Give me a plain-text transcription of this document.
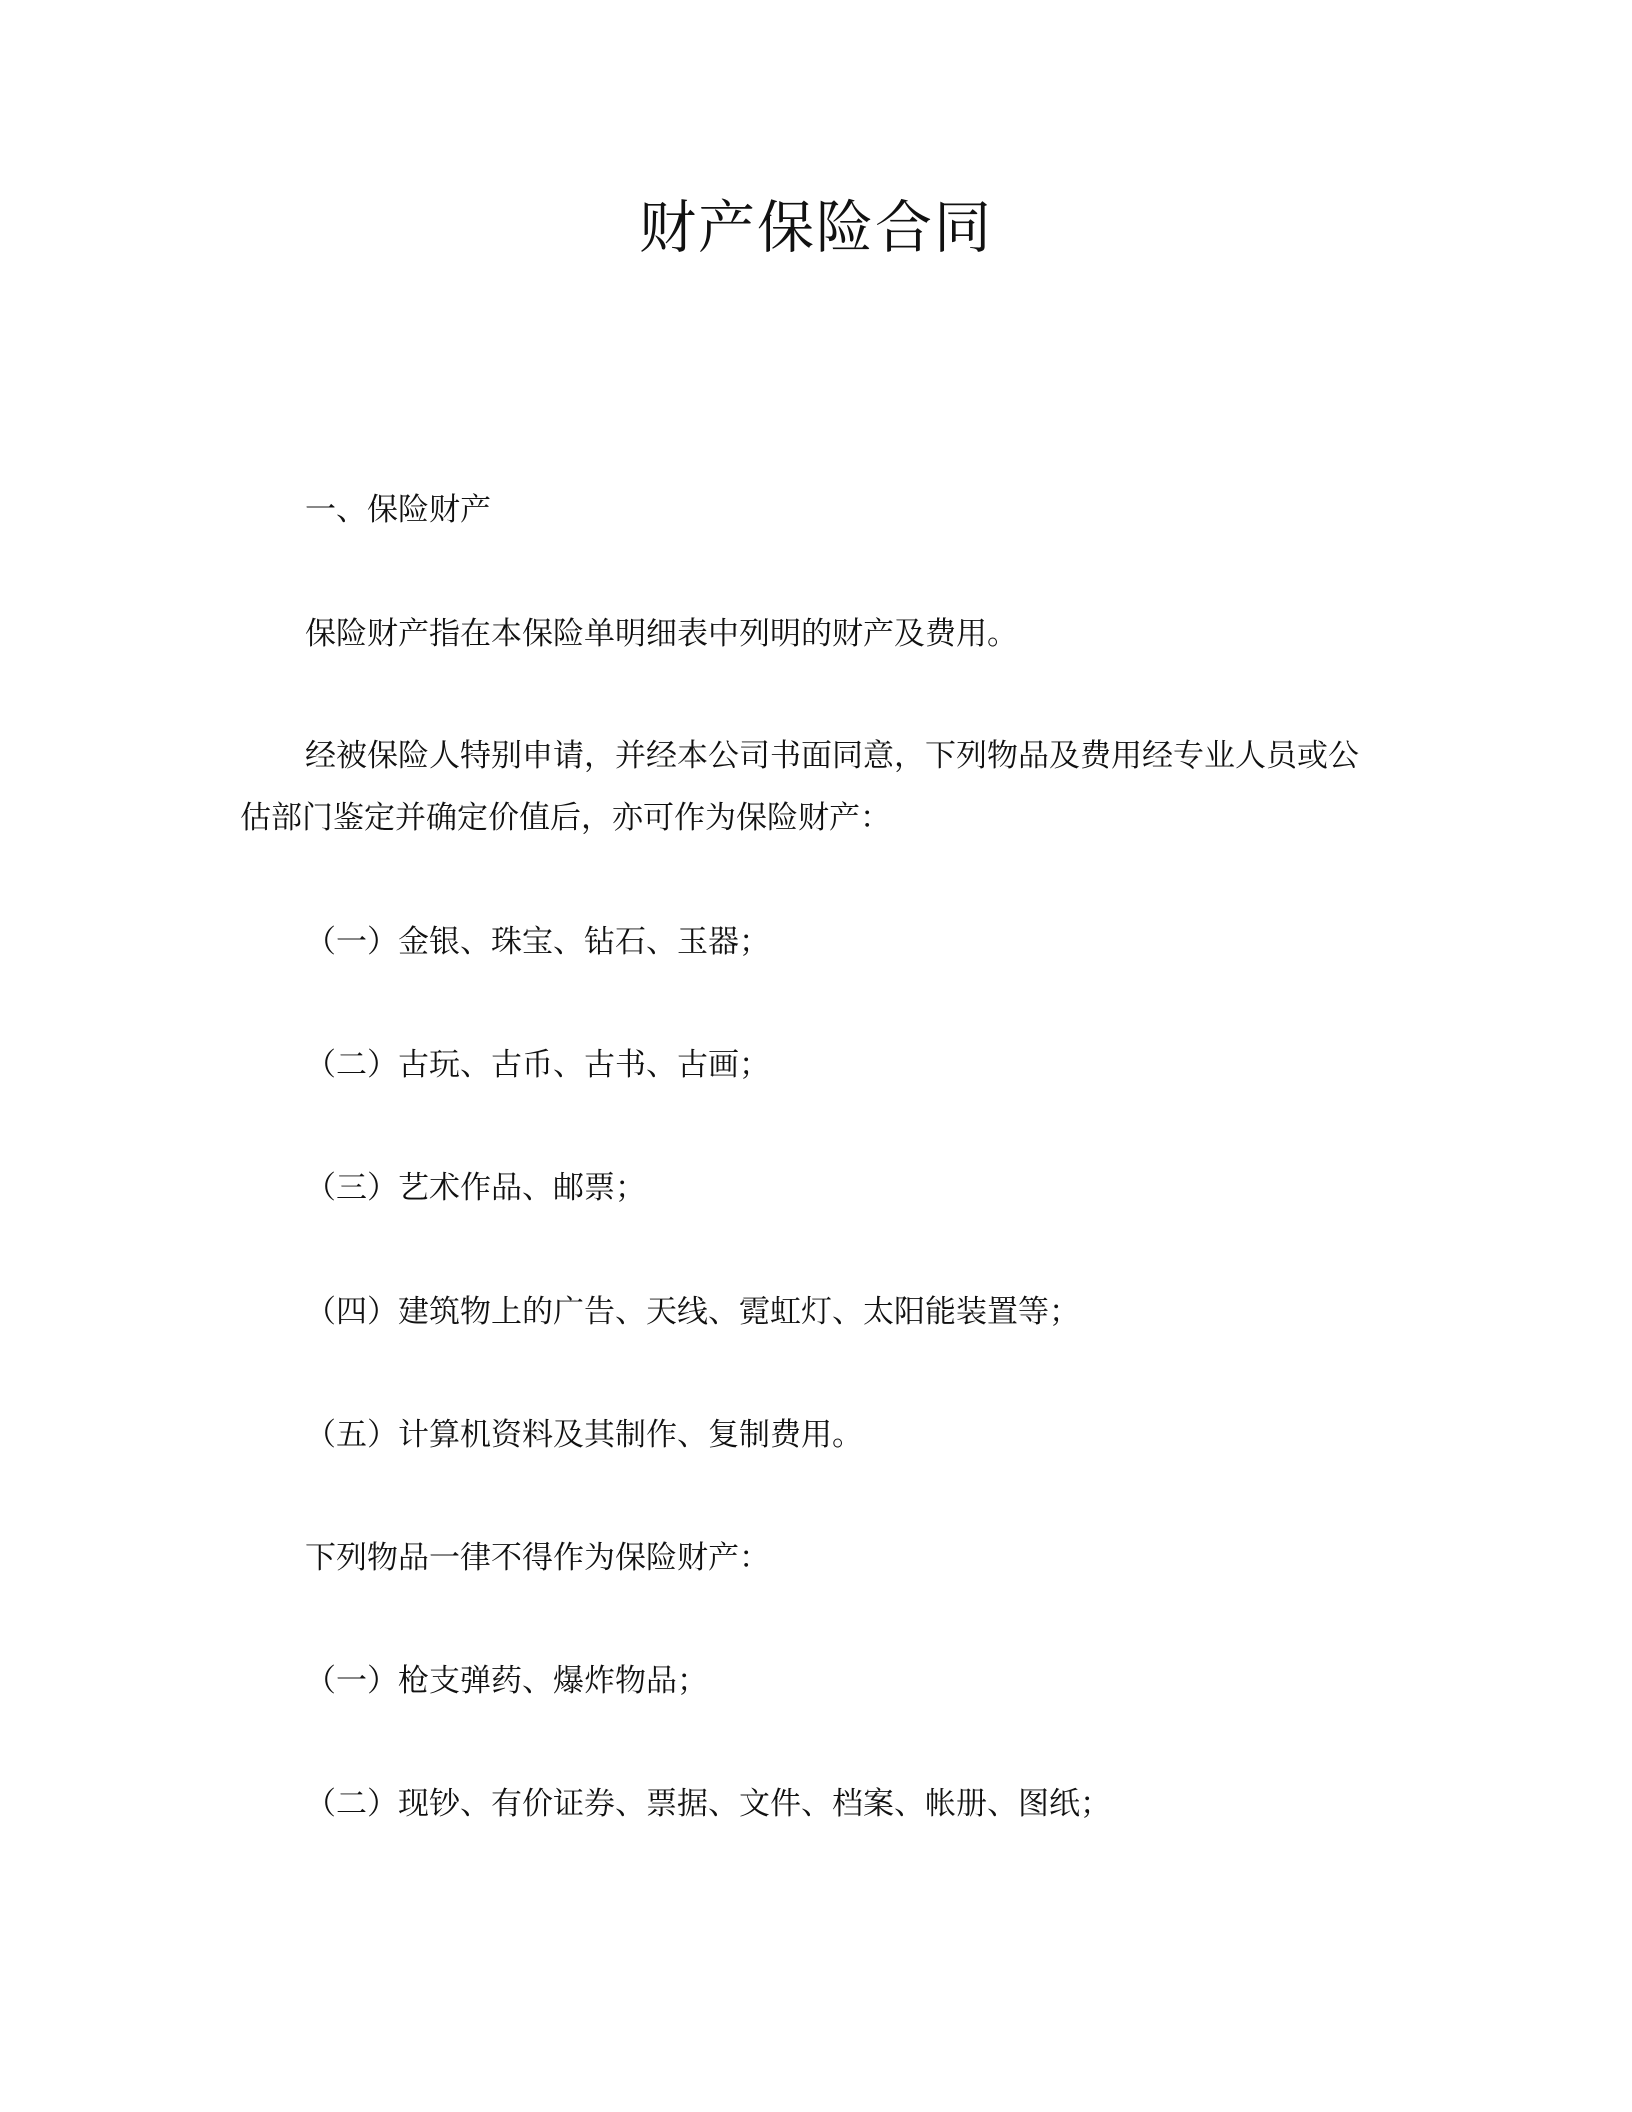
财产保险合同

一、保险财产

保险财产指在本保险单明细表中列明的财产及费用。

经被保险人特别申请，并经本公司书面同意，下列物品及费用经专业人员或公

估部门鉴定并确定价值后，亦可作为保险财产：

（一）金银、珠宝、钻石、玉器；

（二）古玩、古币、古书、古画；

（三）艺术作品、邮票；

（四）建筑物上的广告、天线、霓虹灯、太阳能装置等；

（五）计算机资料及其制作、复制费用。

下列物品一律不得作为保险财产：

（一）枪支弹药、爆炸物品；

（二）现钞、有价证券、票据、文件、档案、帐册、图纸；
